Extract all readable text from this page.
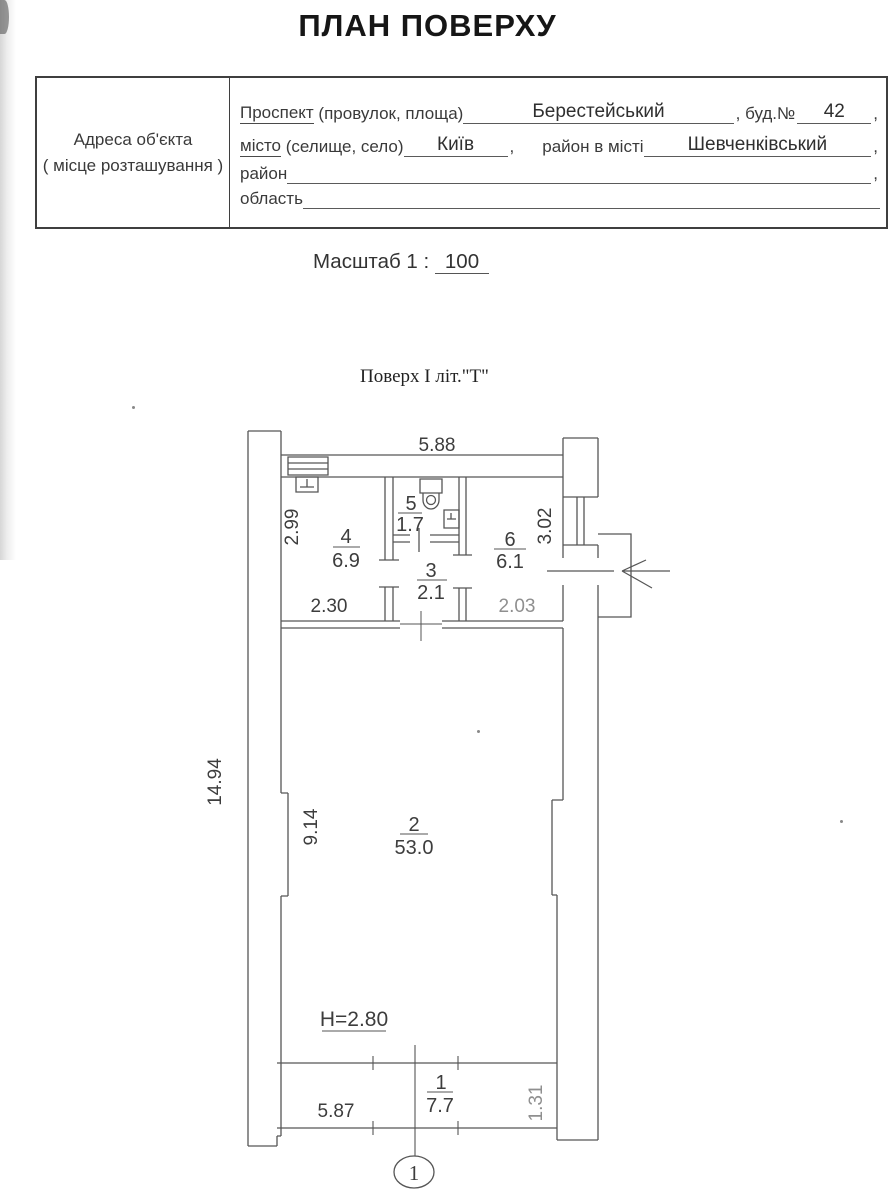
ПЛАН ПОВЕРХУ
Адреса об'єкта
( місце розташування )
Проспект (провулок, площа)	Берестейський	, буд.№	42	,
місто (селище, село)	Київ	, район в місті	Шевченківський	,
район	,
область
Масштаб 1 : 100
Поверх І літ."Т"
5.88
2.99
14.94
9.14
3.02
1.31
2.30	2.03
5.87
Н=2.80
4
6.9
5
1.7
3
2.1
6
6.1
2
53.0
1
7.7
1
